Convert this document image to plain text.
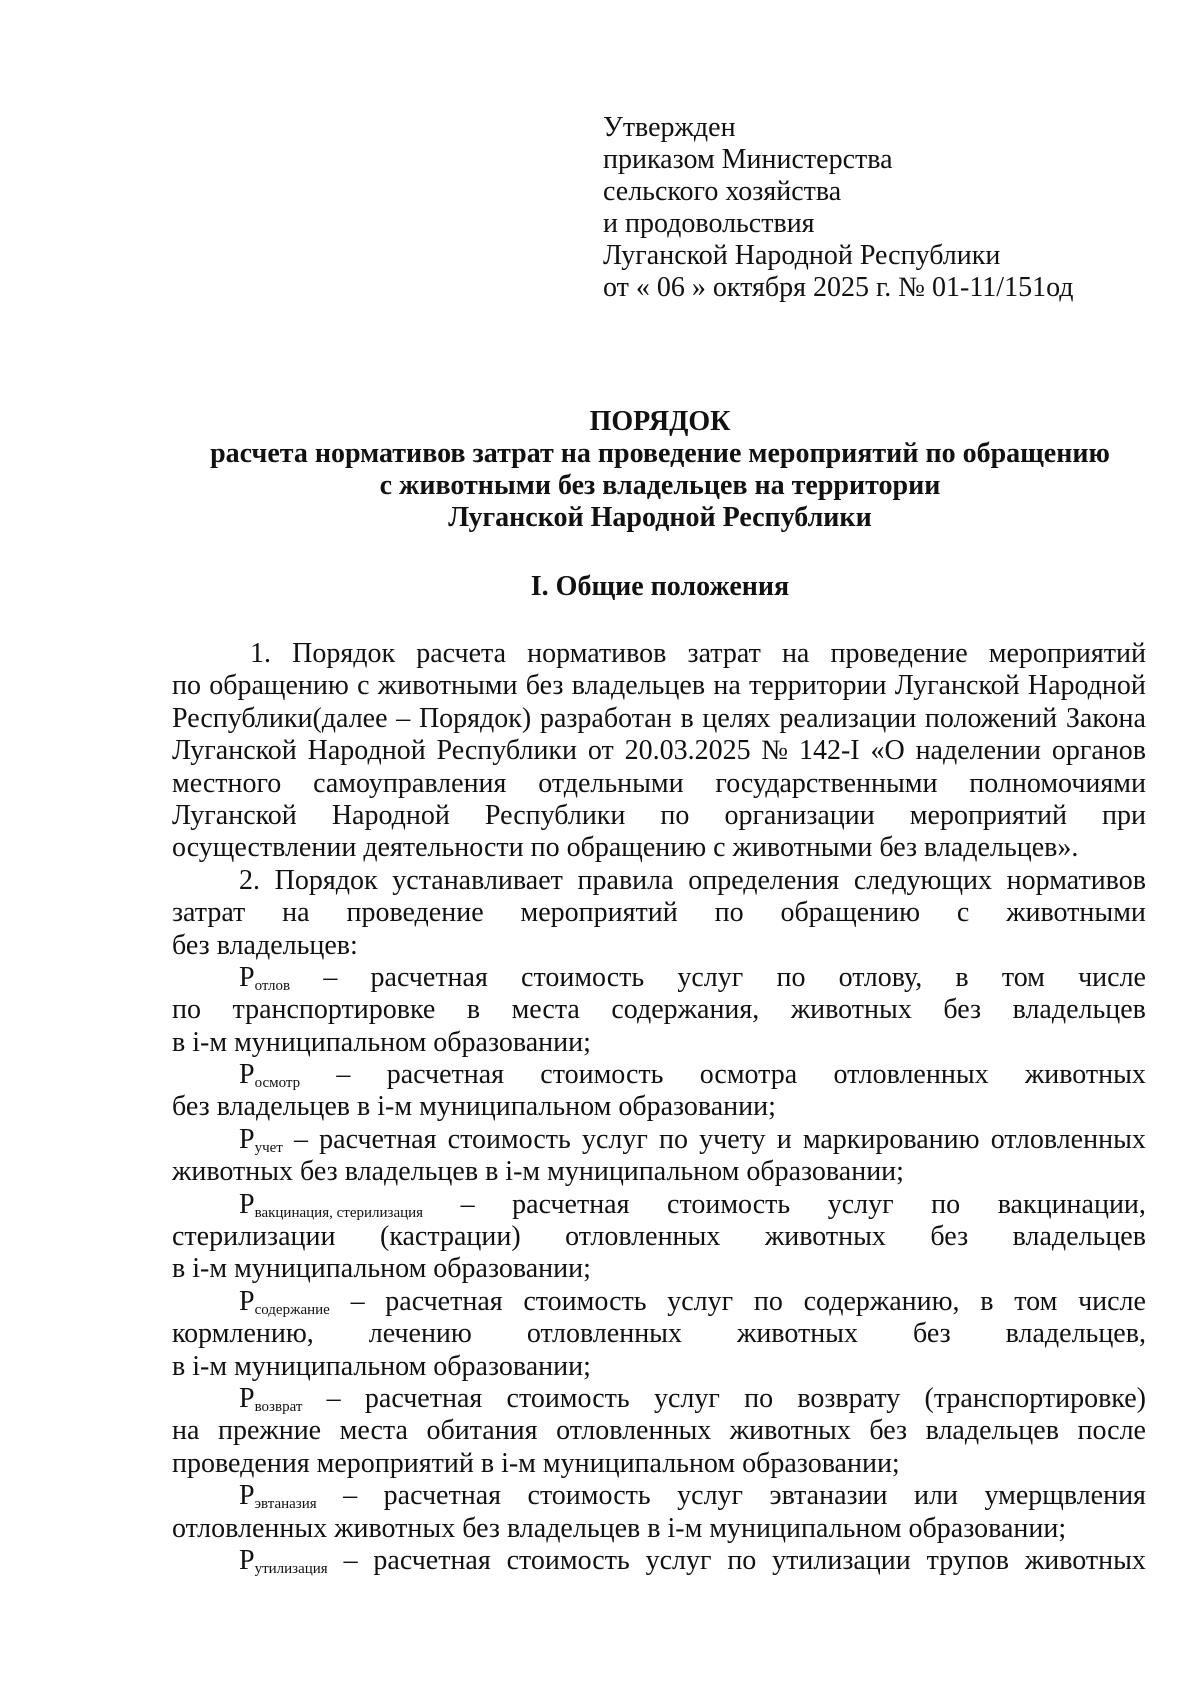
Утвержден
приказом Министерства
сельского хозяйства
и продовольствия
Луганской Народной Республики
от « 06 » октября 2025 г. № 01-11/151од
ПОРЯДОК
расчета нормативов затрат на проведение мероприятий по обращению
с животными без владельцев на территории
Луганской Народной Республики
I. Общие положения
1. Порядок расчета нормативов затрат на проведение мероприятий
по обращению с животными без владельцев на территории Луганской Народной
Республики(далее – Порядок) разработан в целях реализации положений Закона
Луганской Народной Республики от 20.03.2025 № 142-I «О наделении органов
местного самоуправления отдельными государственными полномочиями
Луганской Народной Республики по организации мероприятий при
осуществлении деятельности по обращению с животными без владельцев».
2. Порядок устанавливает правила определения следующих нормативов
затрат на проведение мероприятий по обращению с животными
без владельцев:
$P_{отлов}$ – расчетная стоимость услуг по отлову, в том числе
по транспортировке в места содержания, животных без владельцев
в i-м муниципальном образовании;
$P_{осмотр}$ – расчетная стоимость осмотра отловленных животных
без владельцев в i-м муниципальном образовании;
$P_{учет}$ – расчетная стоимость услуг по учету и маркированию отловленных
животных без владельцев в i-м муниципальном образовании;
$P_{вакцинация, стерилизация}$ – расчетная стоимость услуг по вакцинации,
стерилизации (кастрации) отловленных животных без владельцев
в i-м муниципальном образовании;
$P_{содержание}$ – расчетная стоимость услуг по содержанию, в том числе
кормлению, лечению отловленных животных без владельцев,
в i-м муниципальном образовании;
$P_{возврат}$ – расчетная стоимость услуг по возврату (транспортировке)
на прежние места обитания отловленных животных без владельцев после
проведения мероприятий в i-м муниципальном образовании;
$P_{эвтаназия}$ – расчетная стоимость услуг эвтаназии или умерщвления
отловленных животных без владельцев в i-м муниципальном образовании;
$P_{утилизация}$ – расчетная стоимость услуг по утилизации трупов животных
